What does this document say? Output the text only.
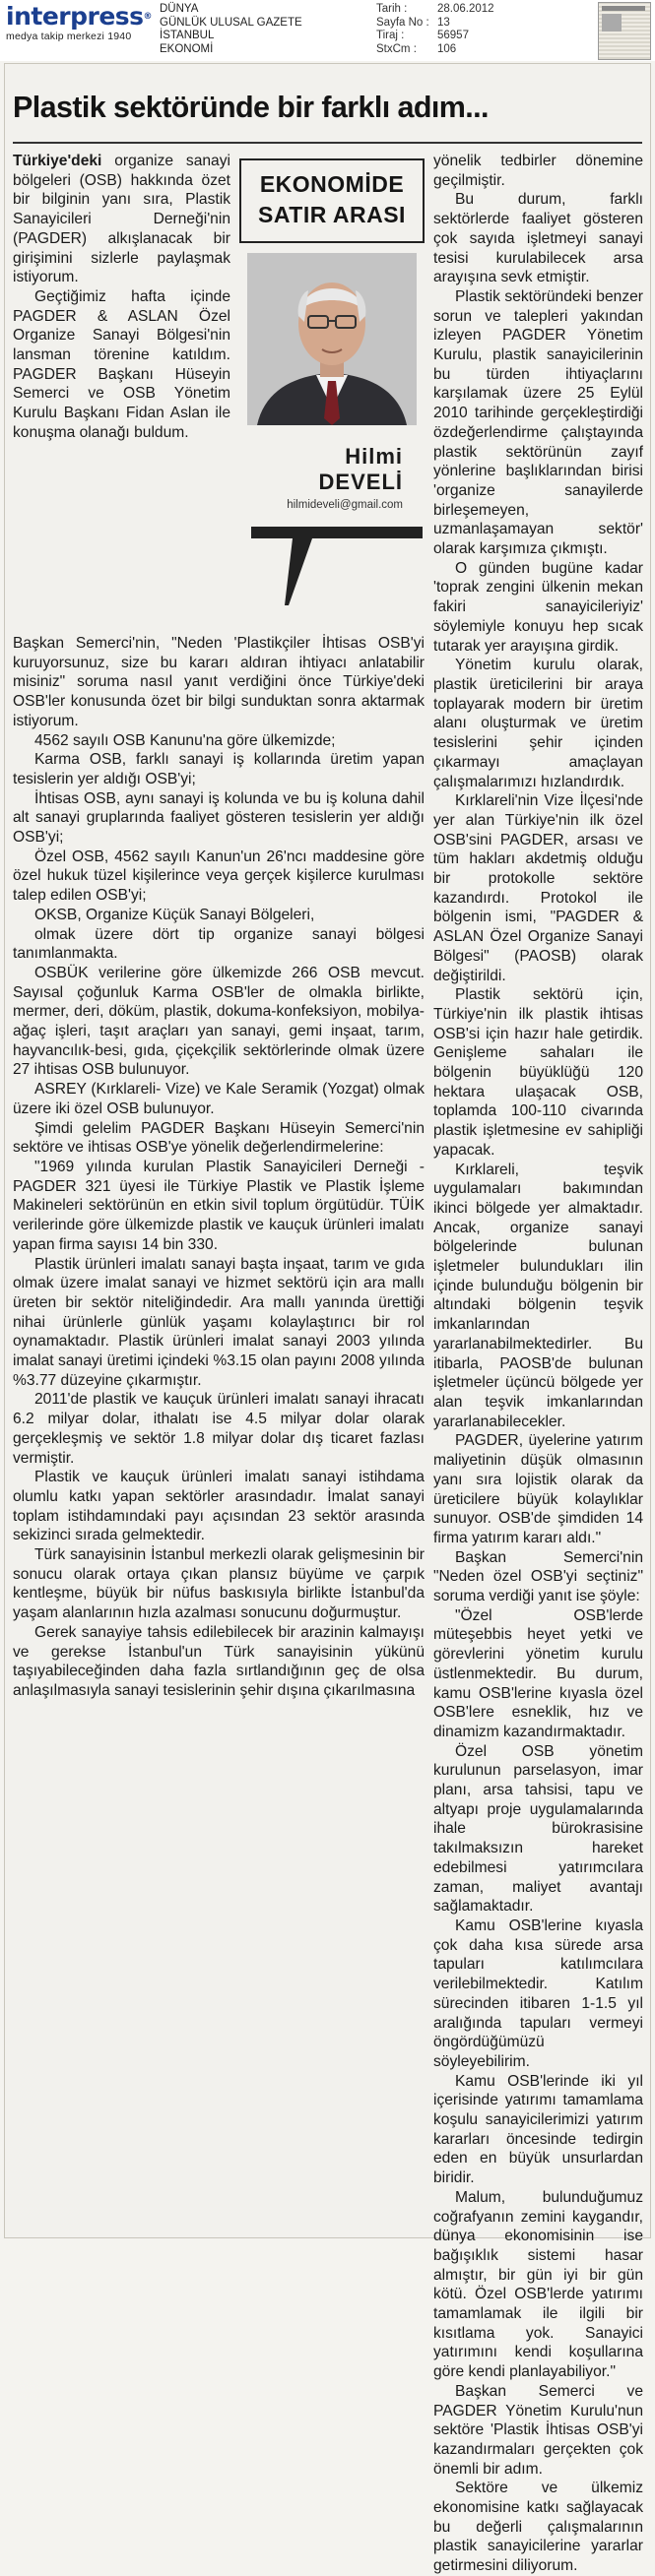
interpress®
medya takip merkezi 1940
DÜNYA
GÜNLÜK ULUSAL GAZETE
İSTANBUL
EKONOMİ
Tarih :	28.06.2012
Sayfa No : 13
Tiraj :	56957
StxCm :	106
Plastik sektöründe bir farklı adım...

Türkiye'deki organize sanayi bölgeleri (OSB) hakkında özet bir bilginin yanı sıra, Plastik Sanayicileri Derneği'nin (PAGDER) alkışlanacak bir girişimini sizlerle paylaşmak istiyorum.

Geçtiğimiz hafta içinde PAGDER & ASLAN Özel Organize Sanayi Bölgesi'nin lansman törenine katıldım. PAGDER Başkanı Hüseyin Semerci ve OSB Yönetim Kurulu Başkanı Fidan Aslan ile konuşma olanağı buldum.

EKONOMİDE
SATIR ARASI
Hilmi
DEVELİ
hilmideveli@gmail.com

Başkan Semerci'nin, "Neden 'Plastikçiler İhtisas OSB'yi kuruyorsunuz, size bu kararı aldıran ihtiyacı anlatabilir misiniz" soruma nasıl yanıt verdiğini önce Türkiye'deki OSB'ler konusunda özet bir bilgi sunduktan sonra aktarmak istiyorum.

4562 sayılı OSB Kanunu'na göre ülkemizde;

Karma OSB, farklı sanayi iş kollarında üretim yapan tesislerin yer aldığı OSB'yi;

İhtisas OSB, aynı sanayi iş kolunda ve bu iş koluna dahil alt sanayi gruplarında faaliyet gösteren tesislerin yer aldığı OSB'yi;

Özel OSB, 4562 sayılı Kanun'un 26'ncı maddesine göre özel hukuk tüzel kişilerince veya gerçek kişilerce kurulması talep edilen OSB'yi;

OKSB, Organize Küçük Sanayi Bölgeleri,

olmak üzere dört tip organize sanayi bölgesi tanımlanmakta.

OSBÜK verilerine göre ülkemizde 266 OSB mevcut. Sayısal çoğunluk Karma OSB'ler de olmakla birlikte, mermer, deri, döküm, plastik, dokuma-konfeksiyon, mobilya-ağaç işleri, taşıt araçları yan sanayi, gemi inşaat, tarım, hayvancılık-besi, gıda, çiçekçilik sektörlerinde olmak üzere 27 ihtisas OSB bulunuyor.

ASREY (Kırklareli- Vize) ve Kale Seramik (Yozgat) olmak üzere iki özel OSB bulunuyor.

Şimdi gelelim PAGDER Başkanı Hüseyin Semerci'nin sektöre ve ihtisas OSB'ye yönelik değerlendirmelerine:

"1969 yılında kurulan Plastik Sanayicileri Derneği - PAGDER 321 üyesi ile Türkiye Plastik ve Plastik İşleme Makineleri sektörünün en etkin sivil toplum örgütüdür. TÜİK verilerinde göre ülkemizde plastik ve kauçuk ürünleri imalatı yapan firma sayısı 14 bin 330.

Plastik ürünleri imalatı sanayi başta inşaat, tarım ve gıda olmak üzere imalat sanayi ve hizmet sektörü için ara mallı üreten bir sektör niteliğindedir. Ara mallı yanında ürettiği nihai ürünlerle günlük yaşamı kolaylaştırıcı bir rol oynamaktadır. Plastik ürünleri imalat sanayi 2003 yılında imalat sanayi üretimi içindeki %3.15 olan payını 2008 yılında %3.77 düzeyine çıkarmıştır.

2011'de plastik ve kauçuk ürünleri imalatı sanayi ihracatı 6.2 milyar dolar, ithalatı ise 4.5 milyar dolar olarak gerçekleşmiş ve sektör 1.8 milyar dolar dış ticaret fazlası vermiştir.

Plastik ve kauçuk ürünleri imalatı sanayi istihdama olumlu katkı yapan sektörler arasındadır. İmalat sanayi toplam istihdamındaki payı açısından 23 sektör arasında sekizinci sırada gelmektedir.

Türk sanayisinin İstanbul merkezli olarak gelişmesinin bir sonucu olarak ortaya çıkan plansız büyüme ve çarpık kentleşme, büyük bir nüfus baskısıyla birlikte İstanbul'da yaşam alanlarının hızla azalması sonucunu doğurmuştur.

Gerek sanayiye tahsis edilebilecek bir arazinin kalmayışı ve gerekse İstanbul'un Türk sanayisinin yükünü taşıyabileceğinden daha fazla sırtlandığının geç de olsa anlaşılmasıyla sanayi tesislerinin şehir dışına çıkarılmasına

yönelik tedbirler dönemine geçilmiştir.

Bu durum, farklı sektörlerde faaliyet gösteren çok sayıda işletmeyi sanayi tesisi kurulabilecek arsa arayışına sevk etmiştir.

Plastik sektöründeki benzer sorun ve talepleri yakından izleyen PAGDER Yönetim Kurulu, plastik sanayicilerinin bu türden ihtiyaçlarını karşılamak üzere 25 Eylül 2010 tarihinde gerçekleştirdiği özdeğerlendirme çalıştayında plastik sektörünün zayıf yönlerine başlıklarından birisi 'organize sanayilerde birleşemeyen, uzmanlaşamayan sektör' olarak karşımıza çıkmıştı.

O günden bugüne kadar 'toprak zengini ülkenin mekan fakiri sanayicileriyiz' söylemiyle konuyu hep sıcak tutarak yer arayışına girdik.

Yönetim kurulu olarak, plastik üreticilerini bir araya toplayarak modern bir üretim alanı oluşturmak ve üretim tesislerini şehir içinden çıkarmayı amaçlayan çalışmalarımızı hızlandırdık.

Kırklareli'nin Vize İlçesi'nde yer alan Türkiye'nin ilk özel OSB'sini PAGDER, arsası ve tüm hakları akdetmiş olduğu bir protokolle sektöre kazandırdı. Protokol ile bölgenin ismi, "PAGDER & ASLAN Özel Organize Sanayi Bölgesi" (PAOSB) olarak değiştirildi.

Plastik sektörü için, Türkiye'nin ilk plastik ihtisas OSB'si için hazır hale getirdik. Genişleme sahaları ile bölgenin büyüklüğü 120 hektara ulaşacak OSB, toplamda 100-110 civarında plastik işletmesine ev sahipliği yapacak.

Kırklareli, teşvik uygulamaları bakımından ikinci bölgede yer almaktadır. Ancak, organize sanayi bölgelerinde bulunan işletmeler bulundukları ilin içinde bulunduğu bölgenin bir altındaki bölgenin teşvik imkanlarından yararlanabilmektedirler. Bu itibarla, PAOSB'de bulunan işletmeler üçüncü bölgede yer alan teşvik imkanlarından yararlanabilecekler.

PAGDER, üyelerine yatırım maliyetinin düşük olmasının yanı sıra lojistik olarak da üreticilere büyük kolaylıklar sunuyor. OSB'de şimdiden 14 firma yatırım kararı aldı."

Başkan Semerci'nin "Neden özel OSB'yi seçtiniz" soruma verdiği yanıt ise şöyle:

"Özel OSB'lerde müteşebbis heyet yetki ve görevlerini yönetim kurulu üstlenmektedir. Bu durum, kamu OSB'lerine kıyasla özel OSB'lere esneklik, hız ve dinamizm kazandırmaktadır.

Özel OSB yönetim kurulunun parselasyon, imar planı, arsa tahsisi, tapu ve altyapı proje uygulamalarında ihale bürokrasisine takılmaksızın hareket edebilmesi yatırımcılara zaman, maliyet avantajı sağlamaktadır.

Kamu OSB'lerine kıyasla çok daha kısa sürede arsa tapuları katılımcılara verilebilmektedir. Katılım sürecinden itibaren 1-1.5 yıl aralığında tapuları vermeyi öngördüğümüzü söyleyebilirim.

Kamu OSB'lerinde iki yıl içerisinde yatırımı tamamlama koşulu sanayicilerimizi yatırım kararları öncesinde tedirgin eden en büyük unsurlardan biridir.

Malum, bulunduğumuz coğrafyanın zemini kaygandır, dünya ekonomisinin ise bağışıklık sistemi hasar almıştır, bir gün iyi bir gün kötü. Özel OSB'lerde yatırımı tamamlamak ile ilgili bir kısıtlama yok. Sanayici yatırımını kendi koşullarına göre kendi planlayabiliyor."

Başkan Semerci ve PAGDER Yönetim Kurulu'nun sektöre 'Plastik İhtisas OSB'yi kazandırmaları gerçekten çok önemli bir adım.

Sektöre ve ülkemiz ekonomisine katkı sağlayacak bu değerli çalışmalarının plastik sanayicilerine yararlar getirmesini diliyorum.
